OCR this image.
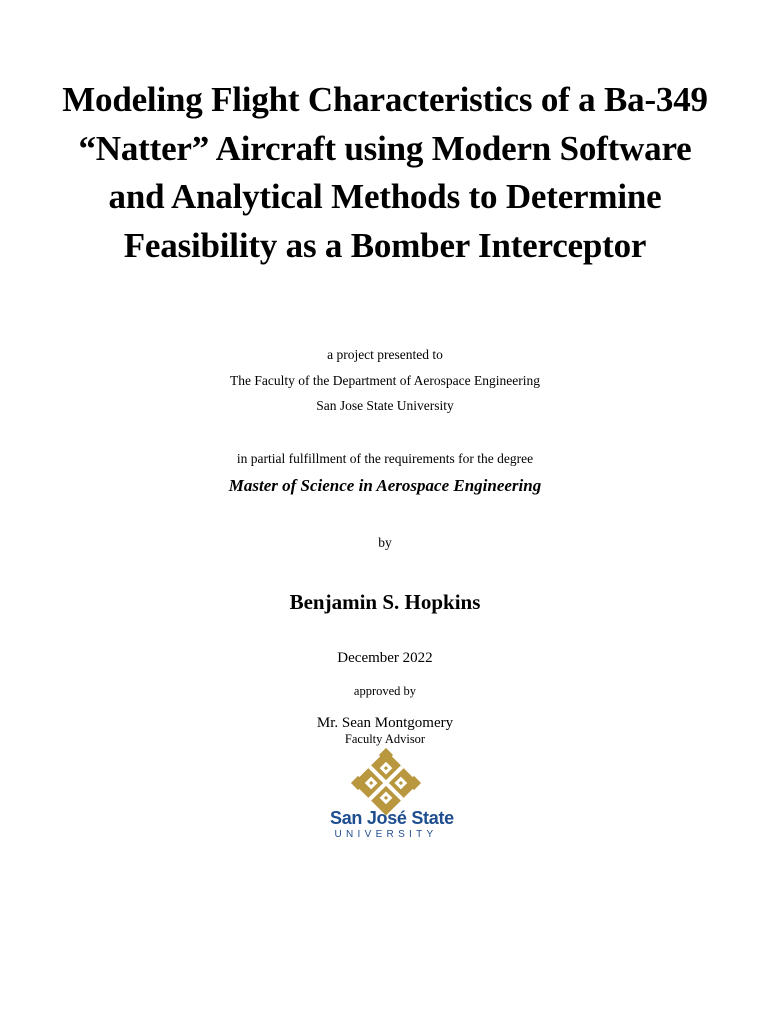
Modeling Flight Characteristics of a Ba-349 “Natter” Aircraft using Modern Software and Analytical Methods to Determine Feasibility as a Bomber Interceptor

a project presented to

The Faculty of the Department of Aerospace Engineering

San Jose State University

in partial fulfillment of the requirements for the degree

Master of Science in Aerospace Engineering

by

Benjamin S. Hopkins

December 2022

approved by

Mr. Sean Montgomery

Faculty Advisor

San José State
UNIVERSITY
